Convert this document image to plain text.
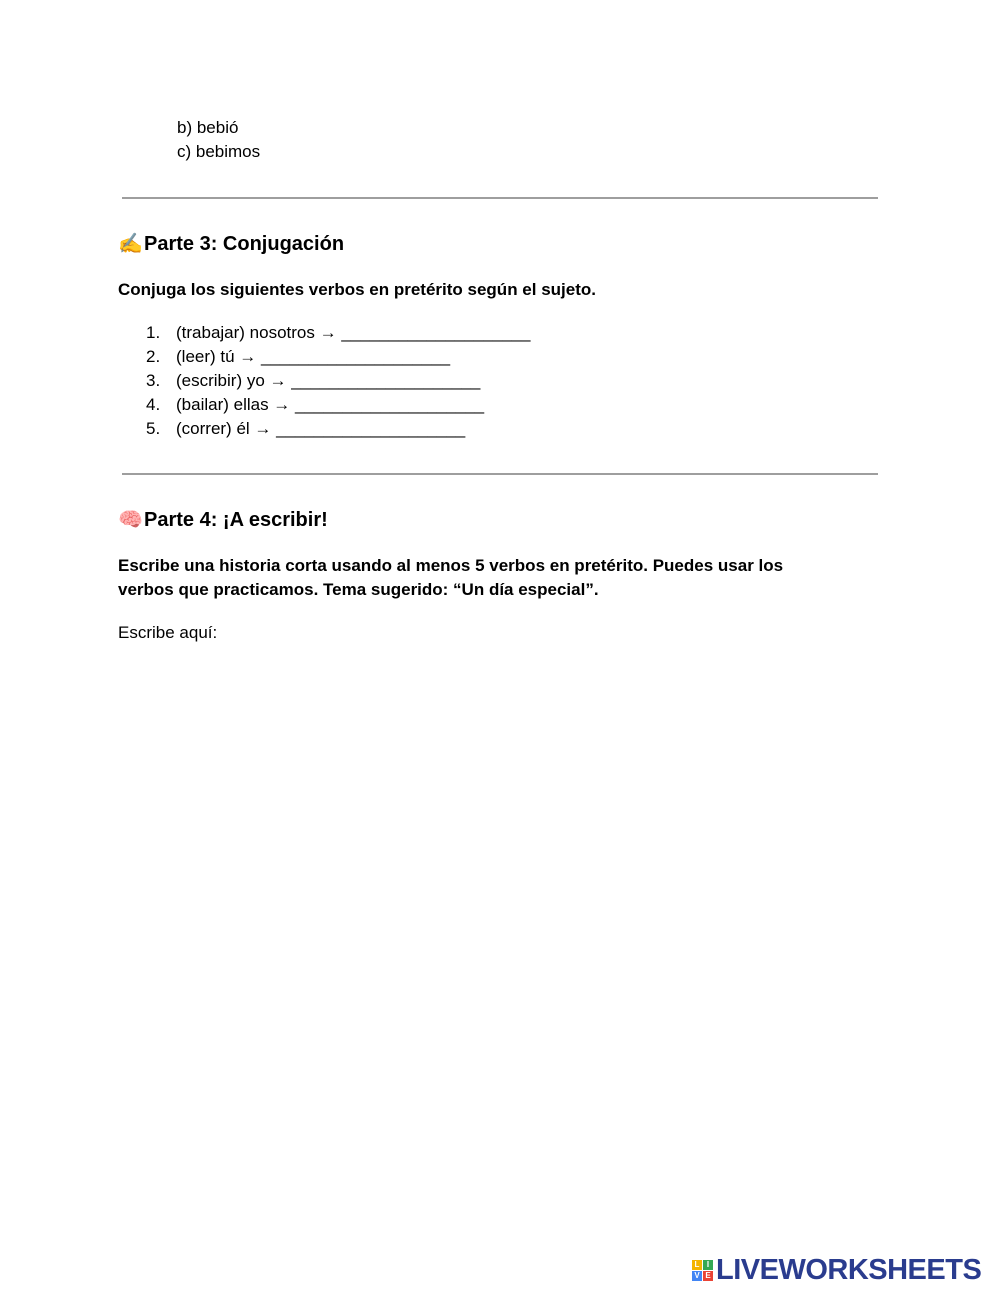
b) bebió
c) bebimos
✍️Parte 3: Conjugación
Conjuga los siguientes verbos en pretérito según el sujeto.
1. (trabajar) nosotros → ____________________
2. (leer) tú → ____________________
3. (escribir) yo → ____________________
4. (bailar) ellas → ____________________
5. (correr) él → ____________________
🧠Parte 4: ¡A escribir!
Escribe una historia corta usando al menos 5 verbos en pretérito. Puedes usar los verbos que practicamos. Tema sugerido: “Un día especial”.
Escribe aquí:
L I
V E LIVEWORKSHEETS
